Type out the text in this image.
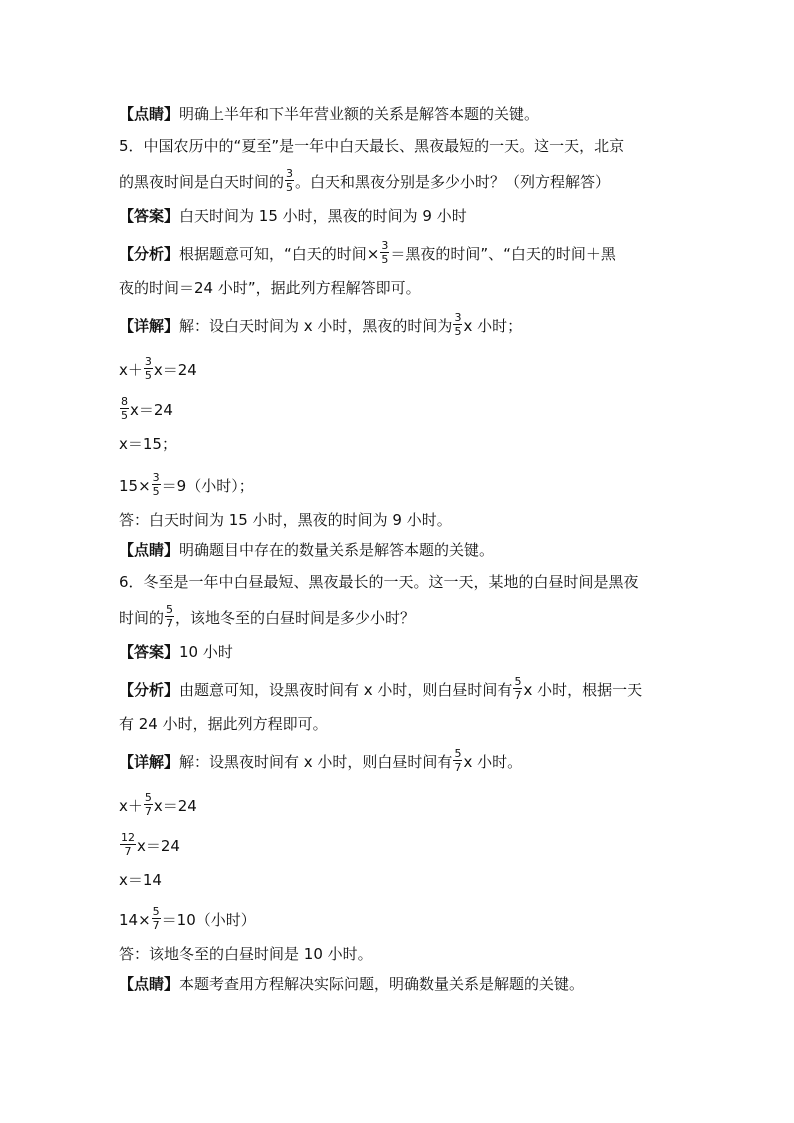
【点睛】明确上半年和下半年营业额的关系是解答本题的关键。
5．中国农历中的“夏至”是一年中白天最长、黑夜最短的一天。这一天，北京
的黑夜时间是白天时间的 $\frac{3}{5}$ 。白天和黑夜分别是多少小时？（列方程解答）
【答案】白天时间为 15 小时，黑夜的时间为 9 小时
【分析】根据题意可知，“白天的时间× $\frac{3}{5}$ ＝黑夜的时间”、“白天的时间＋黑
夜的时间＝24 小时”，据此列方程解答即可。
【详解】解：设白天时间为 x 小时，黑夜的时间为 $\frac{3}{5}$ x 小时；
$x+ \frac{3}{5} x=24$
$\frac{8}{5} x=24$
x＝15；
$15\times \frac{3}{5} =9$（小时）；
答：白天时间为 15 小时，黑夜的时间为 9 小时。
【点睛】明确题目中存在的数量关系是解答本题的关键。
6．冬至是一年中白昼最短、黑夜最长的一天。这一天，某地的白昼时间是黑夜
时间的 $\frac{5}{7}$ ，该地冬至的白昼时间是多少小时？
【答案】10 小时
【分析】由题意可知，设黑夜时间有 x 小时，则白昼时间有 $\frac{5}{7}$ x 小时，根据一天
有 24 小时，据此列方程即可。
【详解】解：设黑夜时间有 x 小时，则白昼时间有 $\frac{5}{7}$ x 小时。
$x+ \frac{5}{7} x=24$
$\frac{12}{7} x=24$
x＝14
$14\times \frac{5}{7} =10$（小时）
答：该地冬至的白昼时间是 10 小时。
【点睛】本题考查用方程解决实际问题，明确数量关系是解题的关键。
